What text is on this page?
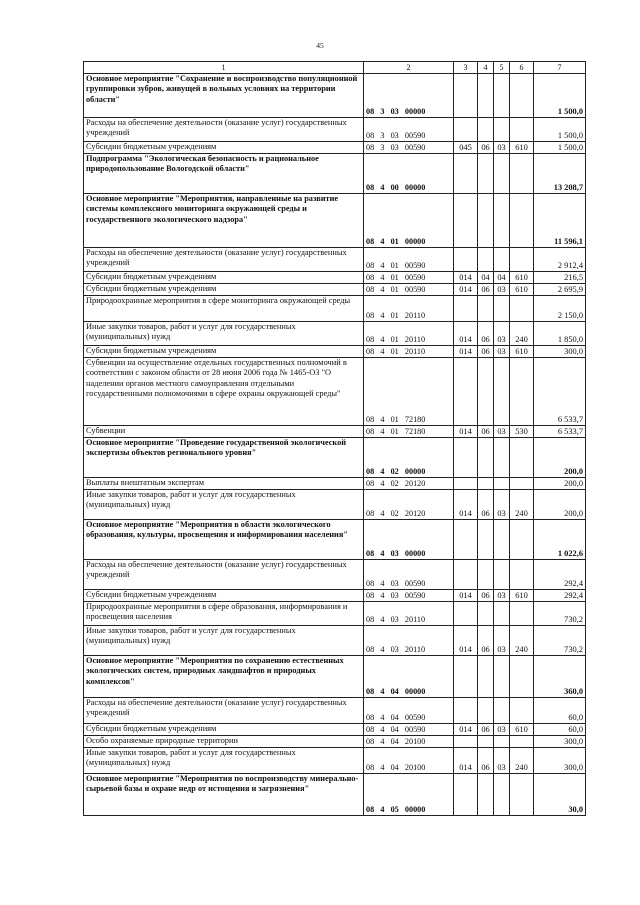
45
1	2	3	4	5	6	7
Основное мероприятие "Сохранение и воспроизводство популяционной группировки зубров, живущей в вольных условиях на территории области"	08   3   03   00000					1 500,0
Расходы на обеспечение деятельности (оказание услуг) государственных учреждений	08   3   03   00590					1 500,0
Субсидии бюджетным учреждениям	08   3   03   00590	045	06	03	610	1 500,0
Подпрограмма "Экологическая безопасность и рациональное природопользование Вологодской области"	08   4   00   00000					13 208,7
Основное мероприятие "Мероприятия, направленные на развитие системы комплексного мониторинга окружающей среды и государственного экологического надзора"	08   4   01   00000					11 596,1
Расходы на обеспечение деятельности (оказание услуг) государственных учреждений	08   4   01   00590					2 912,4
Субсидии бюджетным учреждениям	08   4   01   00590	014	04	04	610	216,5
Субсидии бюджетным учреждениям	08   4   01   00590	014	06	03	610	2 695,9
Природоохранные мероприятия в сфере мониторинга окружающей среды	08   4   01   20110					2 150,0
Иные закупки товаров, работ и услуг для государственных (муниципальных) нужд	08   4   01   20110	014	06	03	240	1 850,0
Субсидии бюджетным учреждениям	08   4   01   20110	014	06	03	610	300,0
Субвенции на осуществление отдельных государственных полномочий в соответствии с законом области от 28 июня 2006 года № 1465-ОЗ "О наделении органов местного самоуправления отдельными государственными полномочиями в сфере охраны окружающей среды"	08   4   01   72180					6 533,7
Субвенции	08   4   01   72180	014	06	03	530	6 533,7
Основное мероприятие "Проведение государственной экологической экспертизы объектов регионального уровня"	08   4   02   00000					200,0
Выплаты внештатным экспертам	08   4   02   20120					200,0
Иные закупки товаров, работ и услуг для государственных (муниципальных) нужд	08   4   02   20120	014	06	03	240	200,0
Основное мероприятие "Мероприятия в области экологического образования, культуры, просвещения и информирования населения"	08   4   03   00000					1 022,6
Расходы на обеспечение деятельности (оказание услуг) государственных учреждений	08   4   03   00590					292,4
Субсидии бюджетным учреждениям	08   4   03   00590	014	06	03	610	292,4
Природоохранные мероприятия в сфере образования, информирования и просвещения населения	08   4   03   20110					730,2
Иные закупки товаров, работ и услуг для государственных (муниципальных) нужд	08   4   03   20110	014	06	03	240	730,2
Основное мероприятие "Мероприятия по сохранению естественных экологических систем, природных ландшафтов и природных комплексов"	08   4   04   00000					360,0
Расходы на обеспечение деятельности (оказание услуг) государственных учреждений	08   4   04   00590					60,0
Субсидии бюджетным учреждениям	08   4   04   00590	014	06	03	610	60,0
Особо охраняемые природные территории	08   4   04   20100					300,0
Иные закупки товаров, работ и услуг для государственных (муниципальных) нужд	08   4   04   20100	014	06	03	240	300,0
Основное мероприятие "Мероприятия по воспроизводству минерально-сырьевой базы и охране недр от истощения и загрязнения"	08   4   05   00000					30,0
